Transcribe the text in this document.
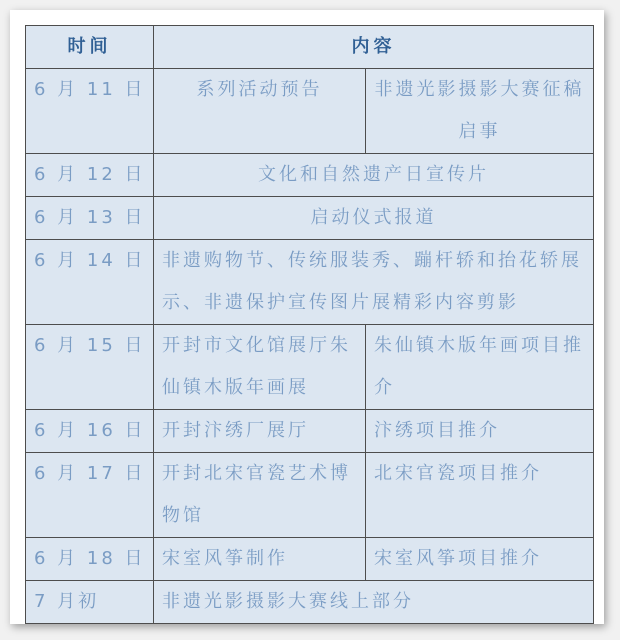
时间	内容	
6 月 11 日	系列活动预告	非遗光影摄影大赛征稿启事
6 月 12 日	文化和自然遗产日宣传片	
6 月 13 日	启动仪式报道	
6 月 14 日	非遗购物节、传统服装秀、蹦杆轿和抬花轿展示、非遗保护宣传图片展精彩内容剪影	
6 月 15 日	开封市文化馆展厅朱仙镇木版年画展	朱仙镇木版年画项目推介
6 月 16 日	开封汴绣厂展厅	汴绣项目推介
6 月 17 日	开封北宋官瓷艺术博物馆	北宋官瓷项目推介
6 月 18 日	宋室风筝制作	宋室风筝项目推介
7 月初	非遗光影摄影大赛线上部分	
